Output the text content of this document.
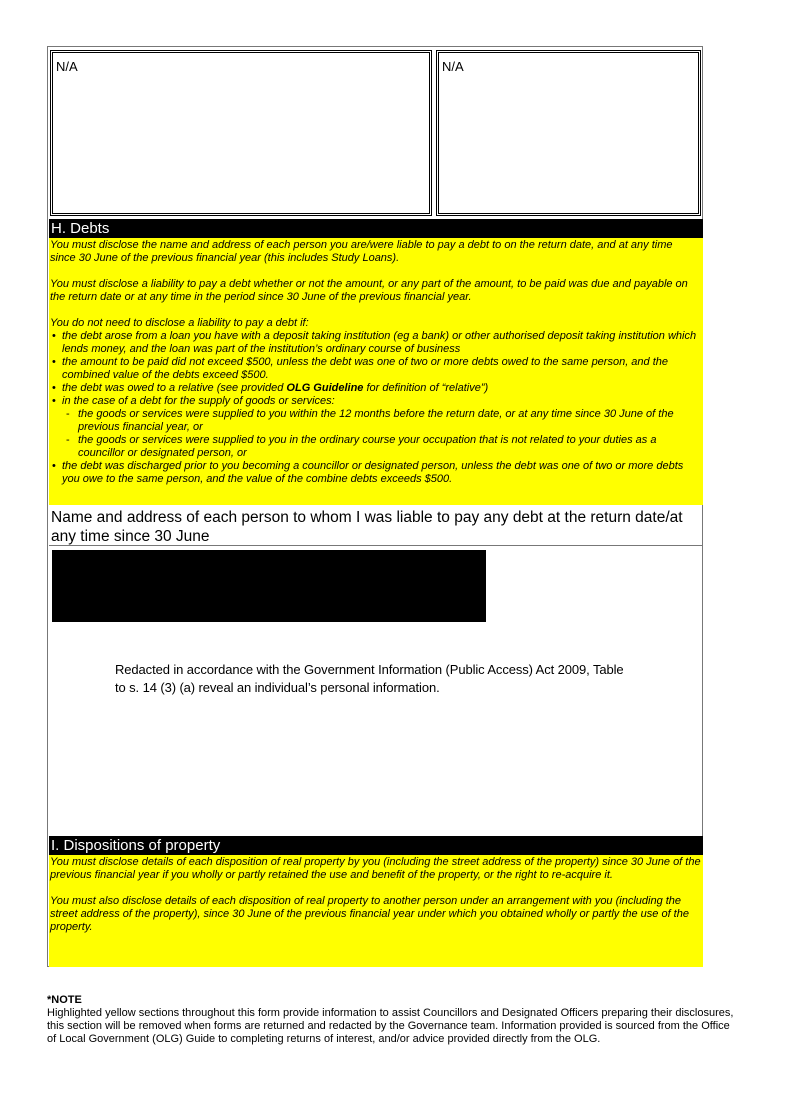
N/A	N/A
H. Debts

You must disclose the name and address of each person you are/were liable to pay a debt to on the return date, and at any time since 30 June of the previous financial year (this includes Study Loans).

You must disclose a liability to pay a debt whether or not the amount, or any part of the amount, to be paid was due and payable on the return date or at any time in the period since 30 June of the previous financial year.

You do not need to disclose a liability to pay a debt if:

• the debt arose from a loan you have with a deposit taking institution (eg a bank) or other authorised deposit taking institution which lends money, and the loan was part of the institution’s ordinary course of business
• the amount to be paid did not exceed $500, unless the debt was one of two or more debts owed to the same person, and the combined value of the debts exceed $500.
• the debt was owed to a relative (see provided OLG Guideline for definition of “relative”)
• in the case of a debt for the supply of goods or services:
- the goods or services were supplied to you within the 12 months before the return date, or at any time since 30 June of the previous financial year, or
- the goods or services were supplied to you in the ordinary course your occupation that is not related to your duties as a councillor or designated person, or
• the debt was discharged prior to you becoming a councillor or designated person, unless the debt was one of two or more debts you owe to the same person, and the value of the combine debts exceeds $500.
Name and address of each person to whom I was liable to pay any debt at the return date/at any time since 30 June
Redacted in accordance with the Government Information (Public Access) Act 2009, Table
to s. 14 (3) (a) reveal an individual’s personal information.
I. Dispositions of property

You must disclose details of each disposition of real property by you (including the street address of the property) since 30 June of the previous financial year if you wholly or partly retained the use and benefit of the property, or the right to re-acquire it.

You must also disclose details of each disposition of real property to another person under an arrangement with you (including the street address of the property), since 30 June of the previous financial year under which you obtained wholly or partly the use of the property.

*NOTE

Highlighted yellow sections throughout this form provide information to assist Councillors and Designated Officers preparing their disclosures, this section will be removed when forms are returned and redacted by the Governance team. Information provided is sourced from the Office of Local Government (OLG) Guide to completing returns of interest, and/or advice provided directly from the OLG.
